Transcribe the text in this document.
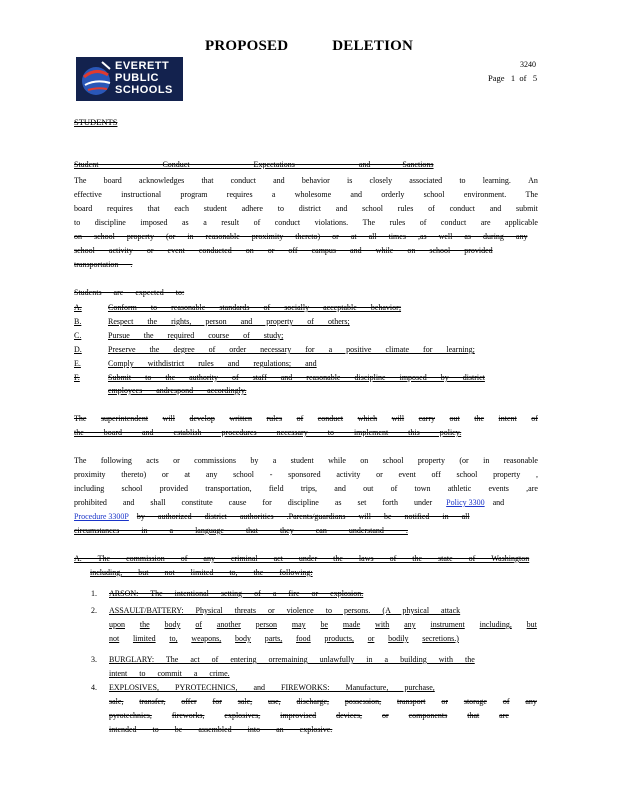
PROPOSED	DELETION
EVERETT
PUBLIC
SCHOOLS
3240
Page   1  of   5
STUDENTS
Student    Conduct    Expectations    and  Sanctions
The board acknowledges that conduct and behavior is closely associated to learning. An
effective instructional program requires a wholesome and orderly school environment. The
board requires that each student adhere to district and school rules of conduct and submit
to discipline imposed as a result of conduct violations. The rules of conduct are applicable
on school property (or in reasonable proximity thereto) or at all times ,as well as during any
school activity or event conducted on or off campus and while on school provided
transportation .
Students are expected to:
A.	Conform to reasonable standards of socially acceptable behavior;
B.	Respect the rights, person and property of others;
C.	Pursue the required course of study;
D.	Preserve the degree of order necessary for a positive climate for learning;
E.	Comply withdistrict rules and regulations; and
F.	Submit to the authority of staff and reasonable discipline imposed by district
employees andrespond accordingly.
The superintendent will develop written rules of conduct which will carry out the intent of
the board and establish procedures necessary to implement this policy.
The following acts or commissions by a student while on school property (or in reasonable
proximity thereto) or at any school - sponsored activity or event off school property ,
including school provided transportation, field trips, and out of town athletic events ,are
prohibited and shall constitute cause for discipline as set forth under Policy 3300 and
Procedure 3300P by authorized district authorities .Parents/guardians will be notified in all
circumstances in a language that they can understand .
A. The commission of any criminal act under the laws of the state of Washington
including, but not limited to, the following:
1.	ARSON: The intentional setting of a fire or explosion.
2.	ASSAULT/BATTERY: Physical threats or violence to persons. (A physical attack
upon the body of another person may be made with any instrument including, but
not limited to, weapons, body parts, food products, or bodily secretions.)
3.	BURGLARY: The act of entering orremaining unlawfully in a building with the
intent to commit a crime.
4.	EXPLOSIVES, PYROTECHNICS, and FIREWORKS: Manufacture, purchase,
sale, transfer, offer for sale, use, discharge, possession, transport or storage of any
pyrotechnics, fireworks, explosives, improvised devices, or components that are
intended to be assembled into an explosive.
